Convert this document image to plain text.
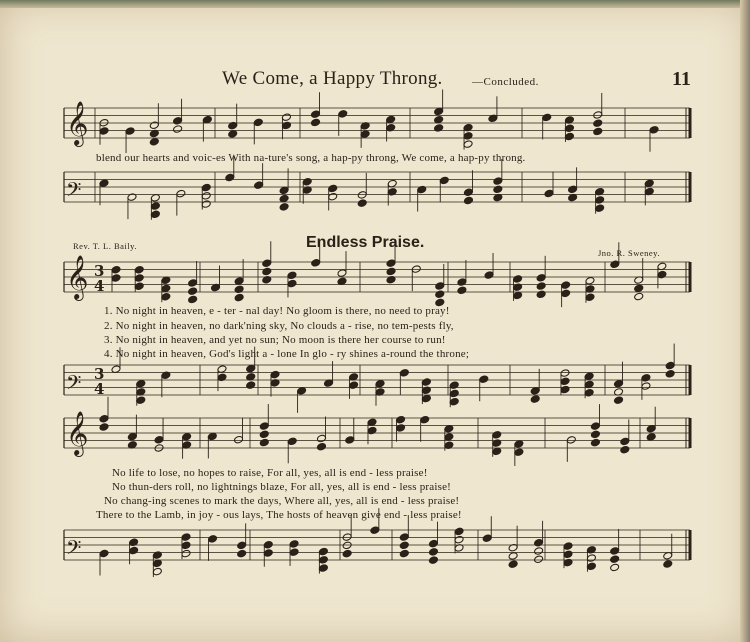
We Come, a Happy Throng.	—Concluded.	11
𝄞
blend our hearts and voic-es With na-ture's song, a hap-py throng, We come, a hap-py throng.
𝄢
Rev. T. L. Baily.	Endless Praise.
Jno. R. Sweney.
𝄞 3
4
1. No night in heaven, e - ter - nal day! No gloom is there, no need to pray!
2. No night in heaven, no dark'ning sky, No clouds a - rise, no tem-pests fly,
3. No night in heaven, and yet no sun; No moon is there her course to run!
4. No night in heaven, God's light a - lone In glo - ry shines a-round the throne;
𝄢 3
4
𝄞
No life to lose, no hopes to raise, For all, yes, all is end - less praise!
No thun-ders roll, no lightnings blaze, For all, yes, all is end - less praise!
No chang-ing scenes to mark the days, Where all, yes, all is end - less praise!
There to the Lamb, in joy - ous lays, The hosts of heaven give end - less praise!
𝄢
